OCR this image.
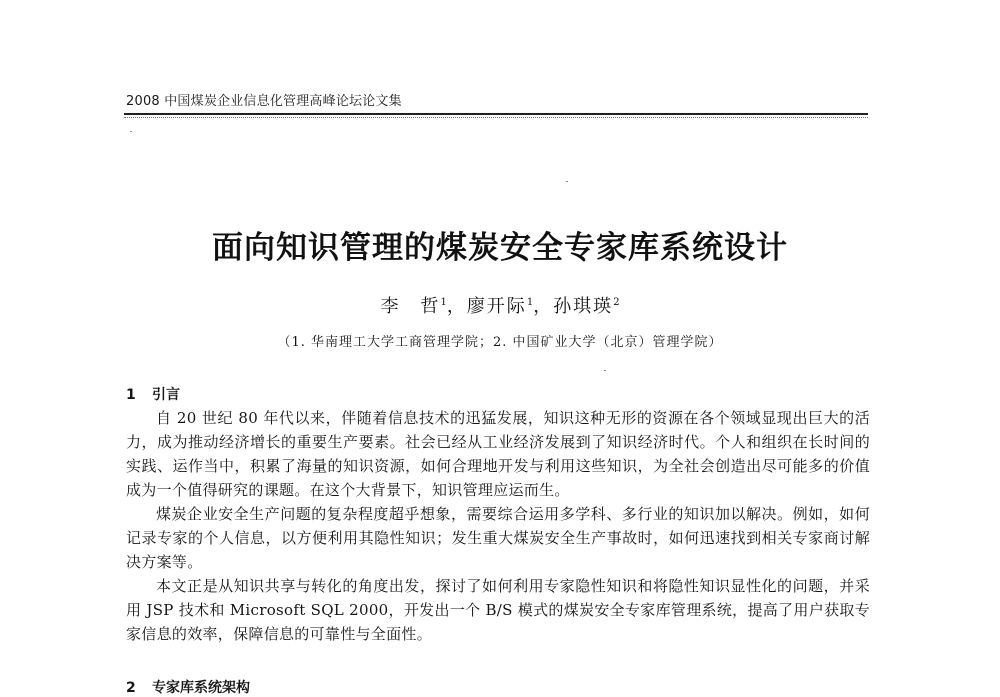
2008 中国煤炭企业信息化管理高峰论坛论文集
面向知识管理的煤炭安全专家库系统设计
李　哲$^1$，廖开际$^1$，孙琪瑛$^2$
（1. 华南理工大学工商管理学院；2. 中国矿业大学（北京）管理学院）
1 引言

自 20 世纪 80 年代以来，伴随着信息技术的迅猛发展，知识这种无形的资源在各个领域显现出巨大的活力，成为推动经济增长的重要生产要素。社会已经从工业经济发展到了知识经济时代。个人和组织在长时间的实践、运作当中，积累了海量的知识资源，如何合理地开发与利用这些知识，为全社会创造出尽可能多的价值成为一个值得研究的课题。在这个大背景下，知识管理应运而生。

煤炭企业安全生产问题的复杂程度超乎想象，需要综合运用多学科、多行业的知识加以解决。例如，如何记录专家的个人信息，以方便利用其隐性知识；发生重大煤炭安全生产事故时，如何迅速找到相关专家商讨解决方案等。

本文正是从知识共享与转化的角度出发，探讨了如何利用专家隐性知识和将隐性知识显性化的问题，并采用 JSP 技术和 Microsoft SQL 2000，开发出一个 B/S 模式的煤炭安全专家库管理系统，提高了用户获取专家信息的效率，保障信息的可靠性与全面性。

2 专家库系统架构
